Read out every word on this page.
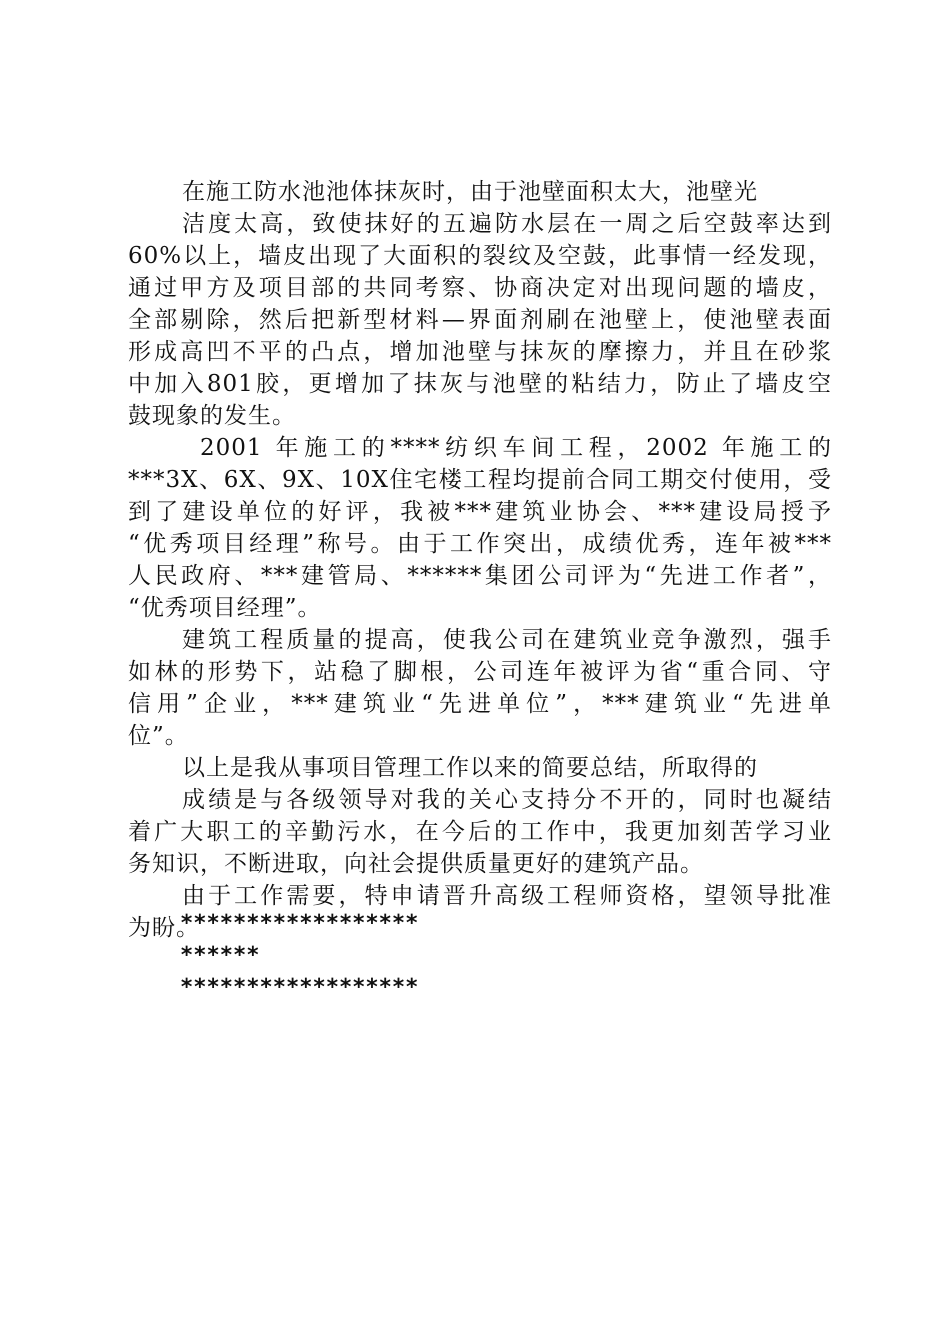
在施工防水池池体抹灰时，由于池壁面积太大，池壁光
洁度太高，致使抹好的五遍防水层在一周之后空鼓率达到
60%以上，墙皮出现了大面积的裂纹及空鼓，此事情一经发现，
通过甲方及项目部的共同考察、协商决定对出现问题的墙皮，
全部剔除，然后把新型材料—界面剂刷在池壁上，使池壁表面
形成高凹不平的凸点，增加池壁与抹灰的摩擦力，并且在砂浆
中加入801胶，更增加了抹灰与池壁的粘结力，防止了墙皮空
鼓现象的发生。
2001 年施工的****纺织车间工程，2002 年施工的
***3X、6X、9X、10X住宅楼工程均提前合同工期交付使用，受
到了建设单位的好评，我被***建筑业协会、***建设局授予
“优秀项目经理”称号。由于工作突出，成绩优秀，连年被***
人民政府、***建管局、******集团公司评为“先进工作者”，
“优秀项目经理”。
建筑工程质量的提高，使我公司在建筑业竞争激烈，强手
如林的形势下，站稳了脚根，公司连年被评为省“重合同、守
信用”企业，***建筑业“先进单位”，***建筑业“先进单
位”。
以上是我从事项目管理工作以来的简要总结，所取得的
成绩是与各级领导对我的关心支持分不开的，同时也凝结
着广大职工的辛勤污水，在今后的工作中，我更加刻苦学习业
务知识，不断进取，向社会提供质量更好的建筑产品。
由于工作需要，特申请晋升高级工程师资格，望领导批准
为盼。
******************
******
******************
